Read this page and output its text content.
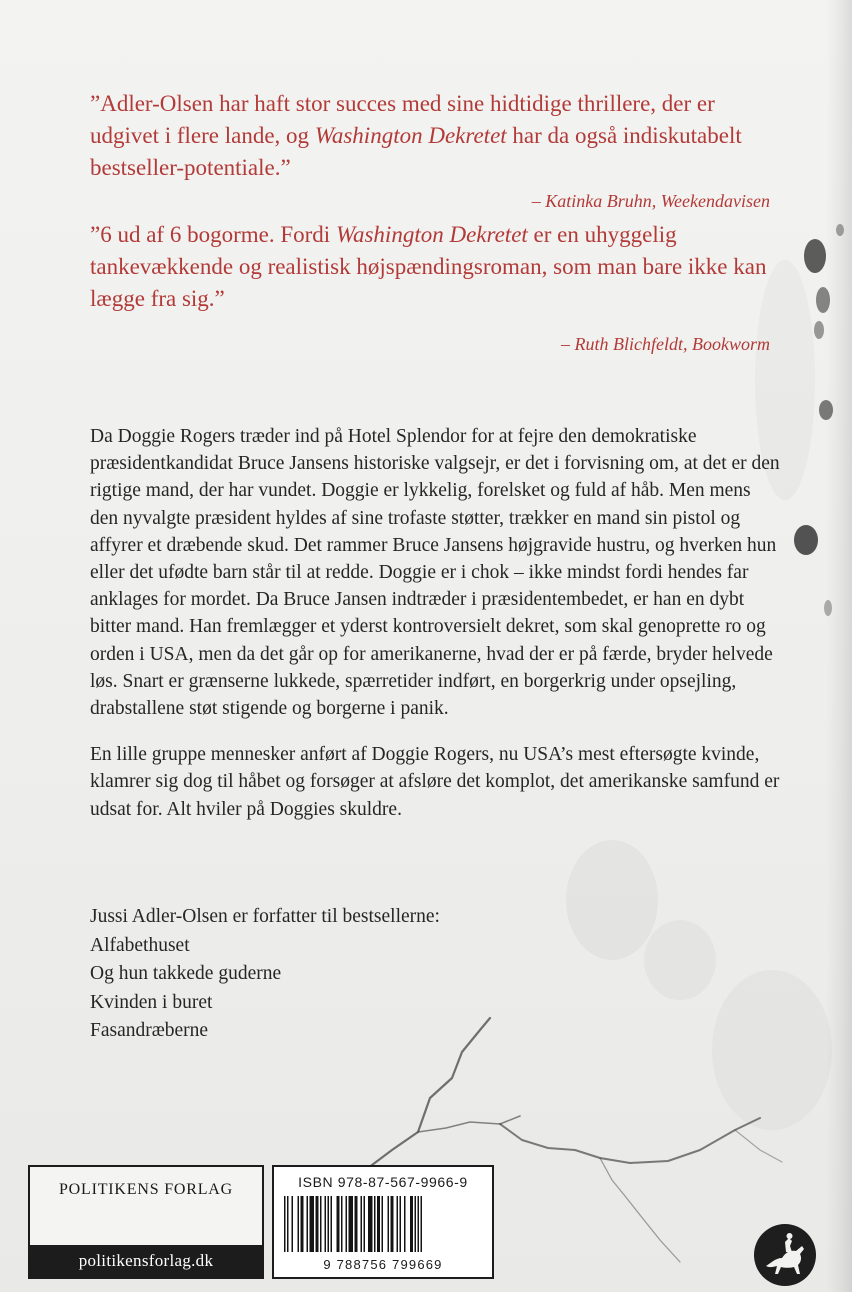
”Adler-Olsen har haft stor succes med sine hidtidige thrillere, der er udgivet i flere lande, og Washington Dekretet har da også indiskutabelt bestseller-potentiale.”

– Katinka Bruhn, Weekendavisen

”6 ud af 6 bogorme. Fordi Washington Dekretet er en uhyggelig tankevækkende og realistisk højspændingsroman, som man bare ikke kan lægge fra sig.”

– Ruth Blichfeldt, Bookworm

Da Doggie Rogers træder ind på Hotel Splendor for at fejre den demokratiske præsidentkandidat Bruce Jansens historiske valgsejr, er det i forvisning om, at det er den rigtige mand, der har vundet. Doggie er lykkelig, forelsket og fuld af håb. Men mens den nyvalgte præsident hyldes af sine trofaste støtter, trækker en mand sin pistol og affyrer et dræbende skud. Det rammer Bruce Jansens højgravide hustru, og hverken hun eller det ufødte barn står til at redde. Doggie er i chok – ikke mindst fordi hendes far anklages for mordet. Da Bruce Jansen indtræder i præsidentembedet, er han en dybt bitter mand. Han fremlægger et yderst kontroversielt dekret, som skal genoprette ro og orden i USA, men da det går op for amerikanerne, hvad der er på færde, bryder helvede løs. Snart er grænserne lukkede, spærretider indført, en borgerkrig under opsejling, drabstallene støt stigende og borgerne i panik.

En lille gruppe mennesker anført af Doggie Rogers, nu USA’s mest eftersøgte kvinde, klamrer sig dog til håbet og forsøger at afsløre det komplot, det amerikanske samfund er udsat for. Alt hviler på Doggies skuldre.

Jussi Adler-Olsen er forfatter til bestsellerne:
Alfabethuset
Og hun takkede guderne
Kvinden i buret
Fasandræberne
POLITIKENS FORLAG
politikensforlag.dk
ISBN 978-87-567-9966-9
9 788756 799669
